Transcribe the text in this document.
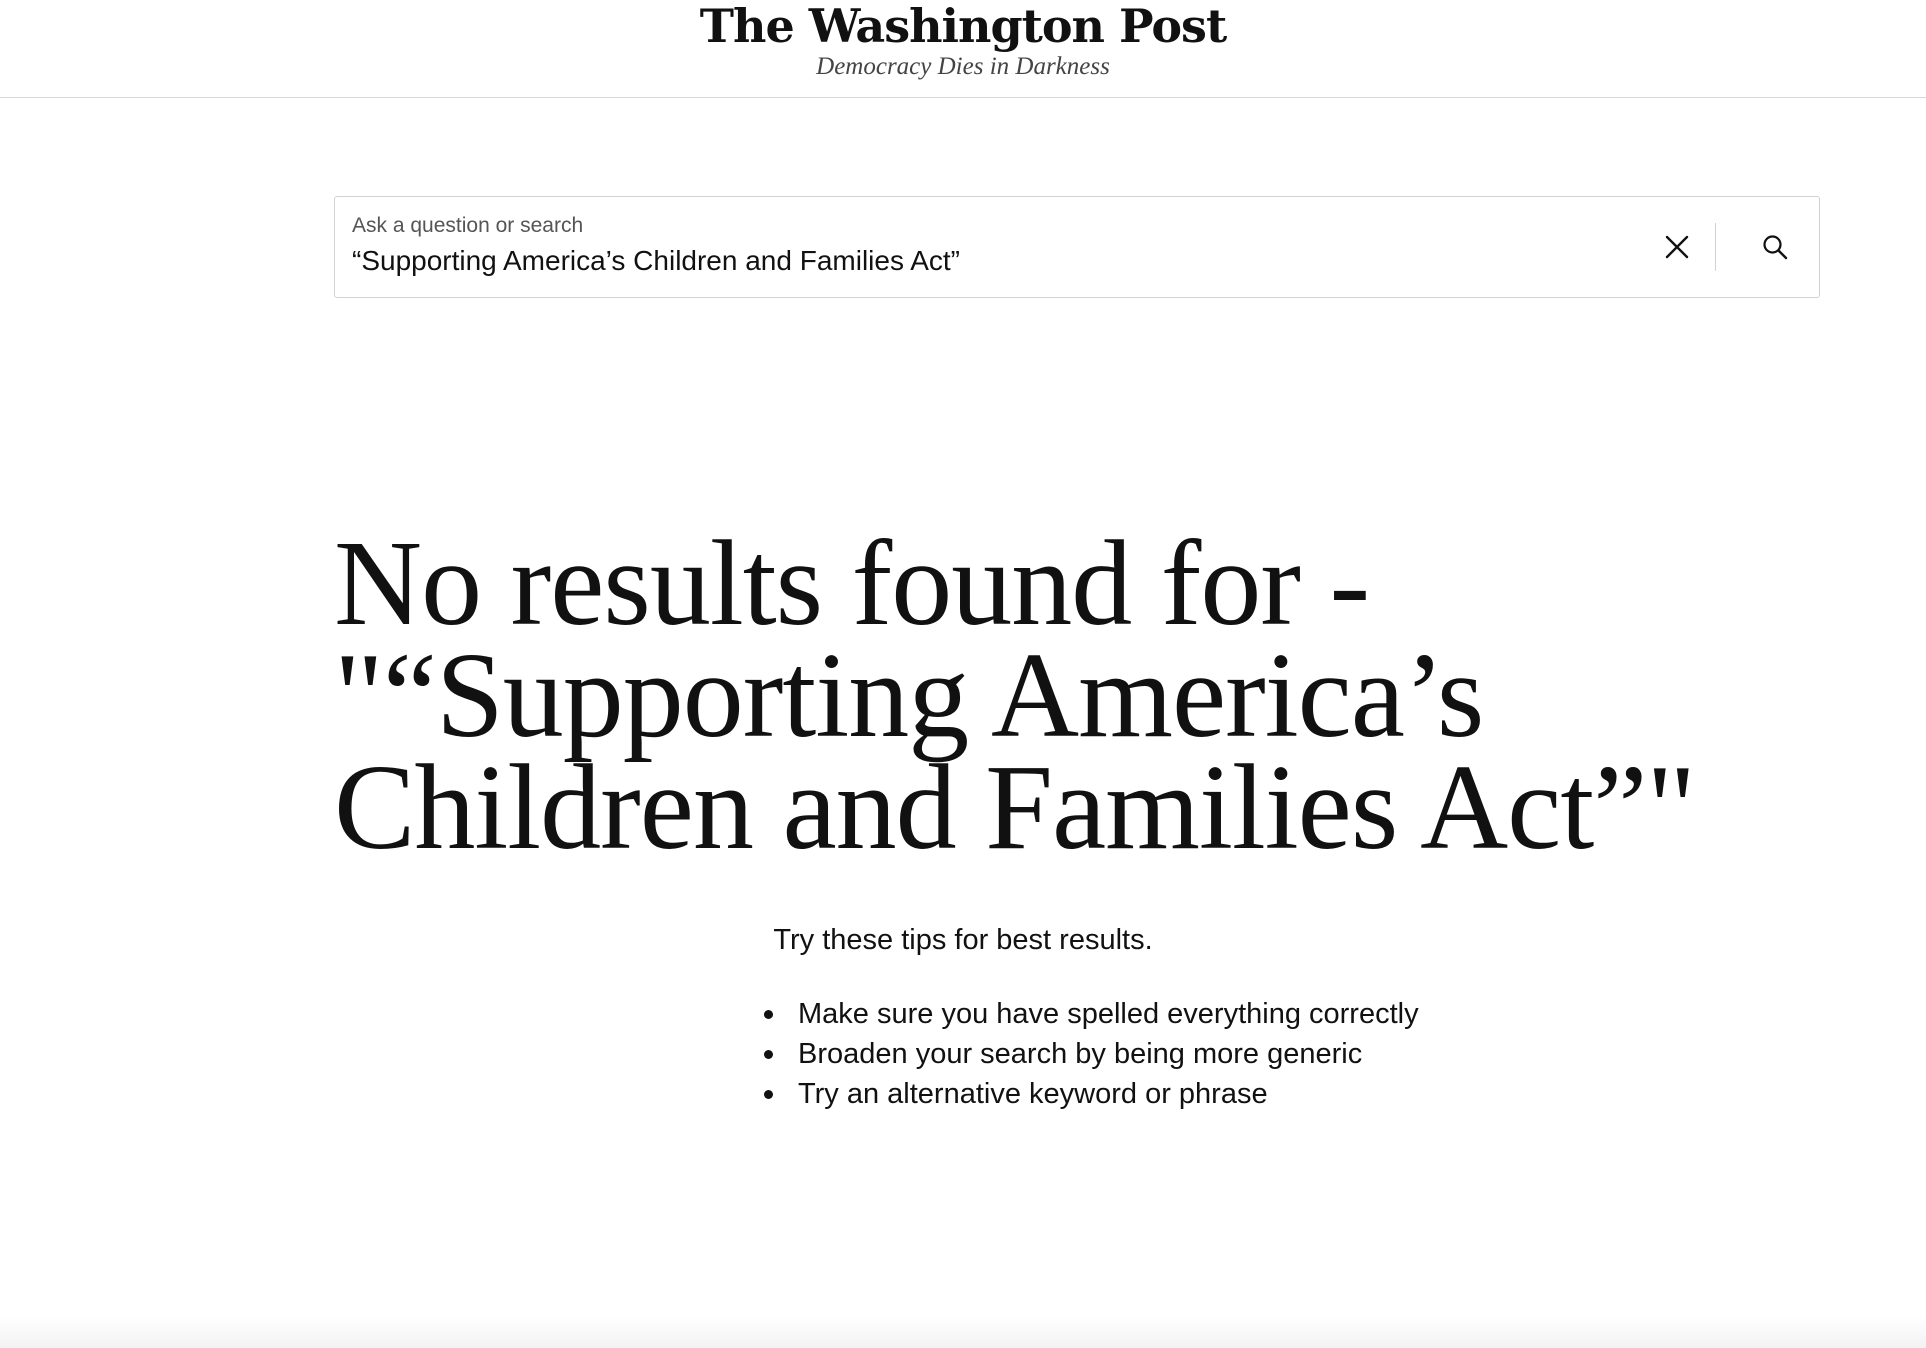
The Washington Post
Democracy Dies in Darkness
Ask a question or search
“Supporting America’s Children and Families Act”
No results found for - "“Supporting America’s Children and Families Act”"
Try these tips for best results.
Make sure you have spelled everything correctly
Broaden your search by being more generic
Try an alternative keyword or phrase
